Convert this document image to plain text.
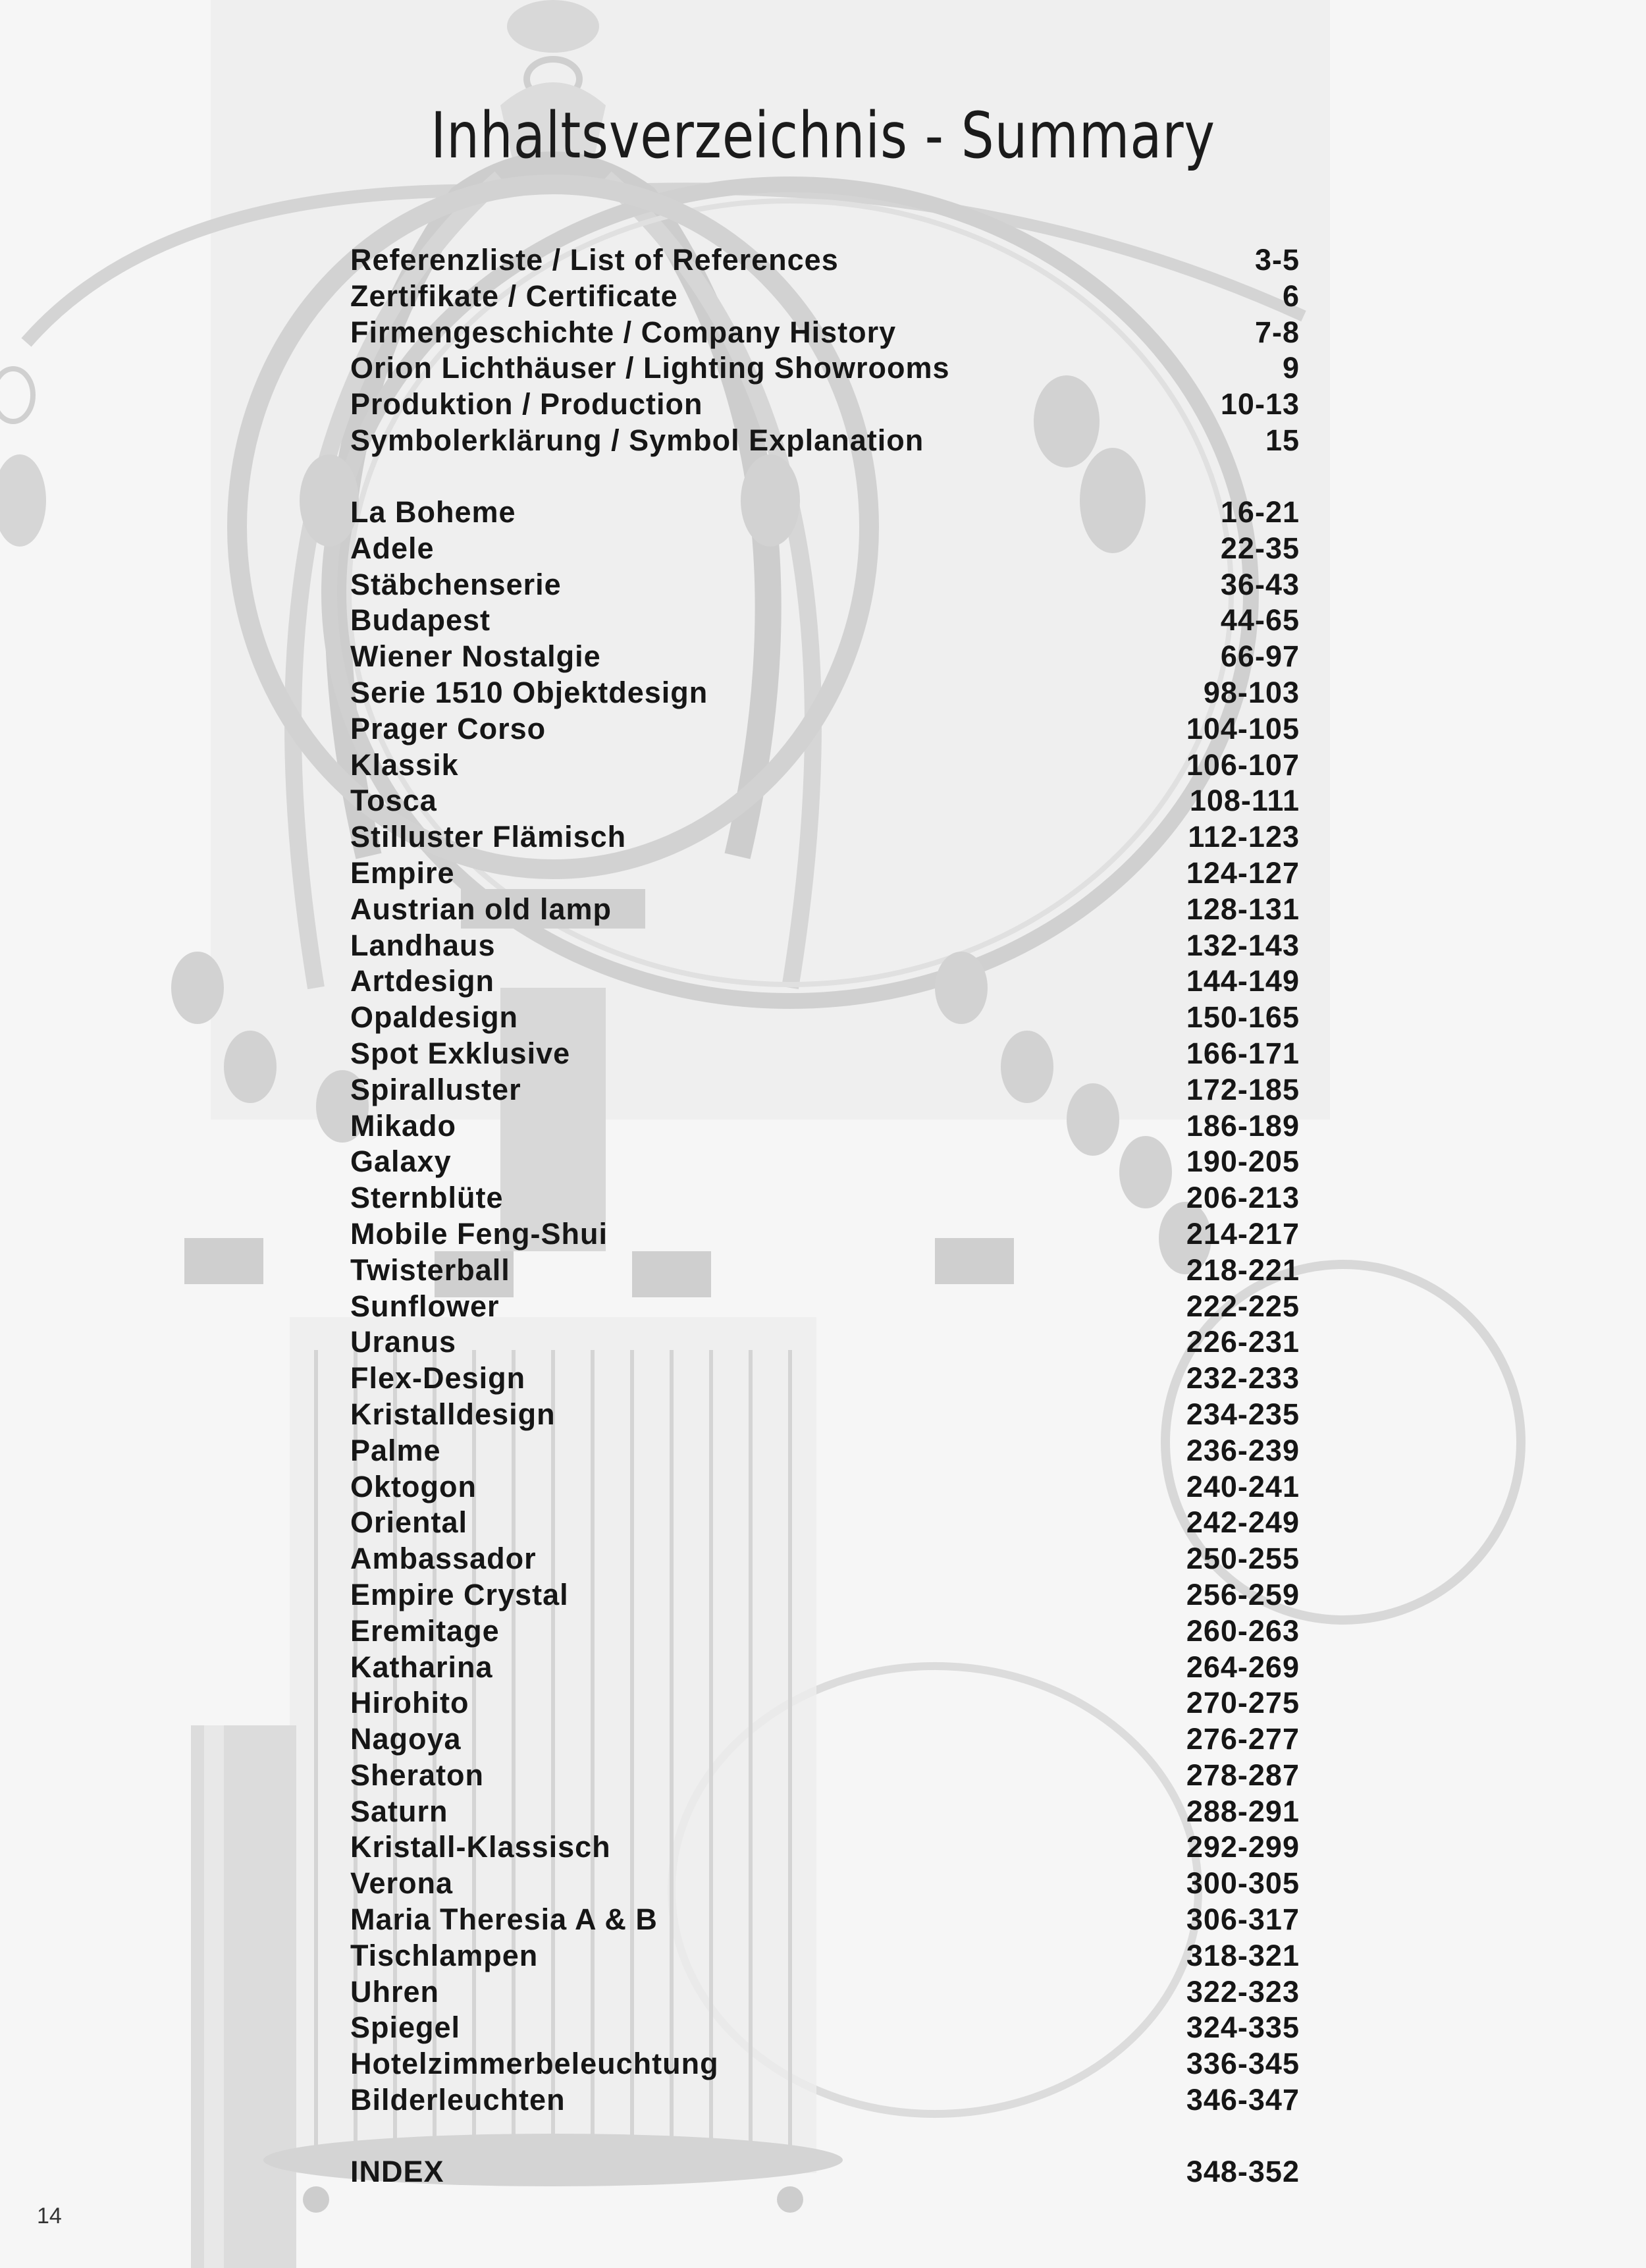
Inhaltsverzeichnis - Summary
Referenzliste / List of References	3-5
Zertifikate / Certificate	6
Firmengeschichte / Company History	7-8
Orion Lichthäuser / Lighting Showrooms	9
Produktion / Production	10-13
Symbolerklärung / Symbol Explanation	15
La Boheme	16-21
Adele	22-35
Stäbchenserie	36-43
Budapest	44-65
Wiener Nostalgie	66-97
Serie 1510 Objektdesign	98-103
Prager Corso	104-105
Klassik	106-107
Tosca	108-111
Stilluster Flämisch	112-123
Empire	124-127
Austrian old lamp	128-131
Landhaus	132-143
Artdesign	144-149
Opaldesign	150-165
Spot Exklusive	166-171
Spiralluster	172-185
Mikado	186-189
Galaxy	190-205
Sternblüte	206-213
Mobile Feng-Shui	214-217
Twisterball	218-221
Sunflower	222-225
Uranus	226-231
Flex-Design	232-233
Kristalldesign	234-235
Palme	236-239
Oktogon	240-241
Oriental	242-249
Ambassador	250-255
Empire Crystal	256-259
Eremitage	260-263
Katharina	264-269
Hirohito	270-275
Nagoya	276-277
Sheraton	278-287
Saturn	288-291
Kristall-Klassisch	292-299
Verona	300-305
Maria Theresia A & B	306-317
Tischlampen	318-321
Uhren	322-323
Spiegel	324-335
Hotelzimmerbeleuchtung	336-345
Bilderleuchten	346-347
INDEX	348-352
14
